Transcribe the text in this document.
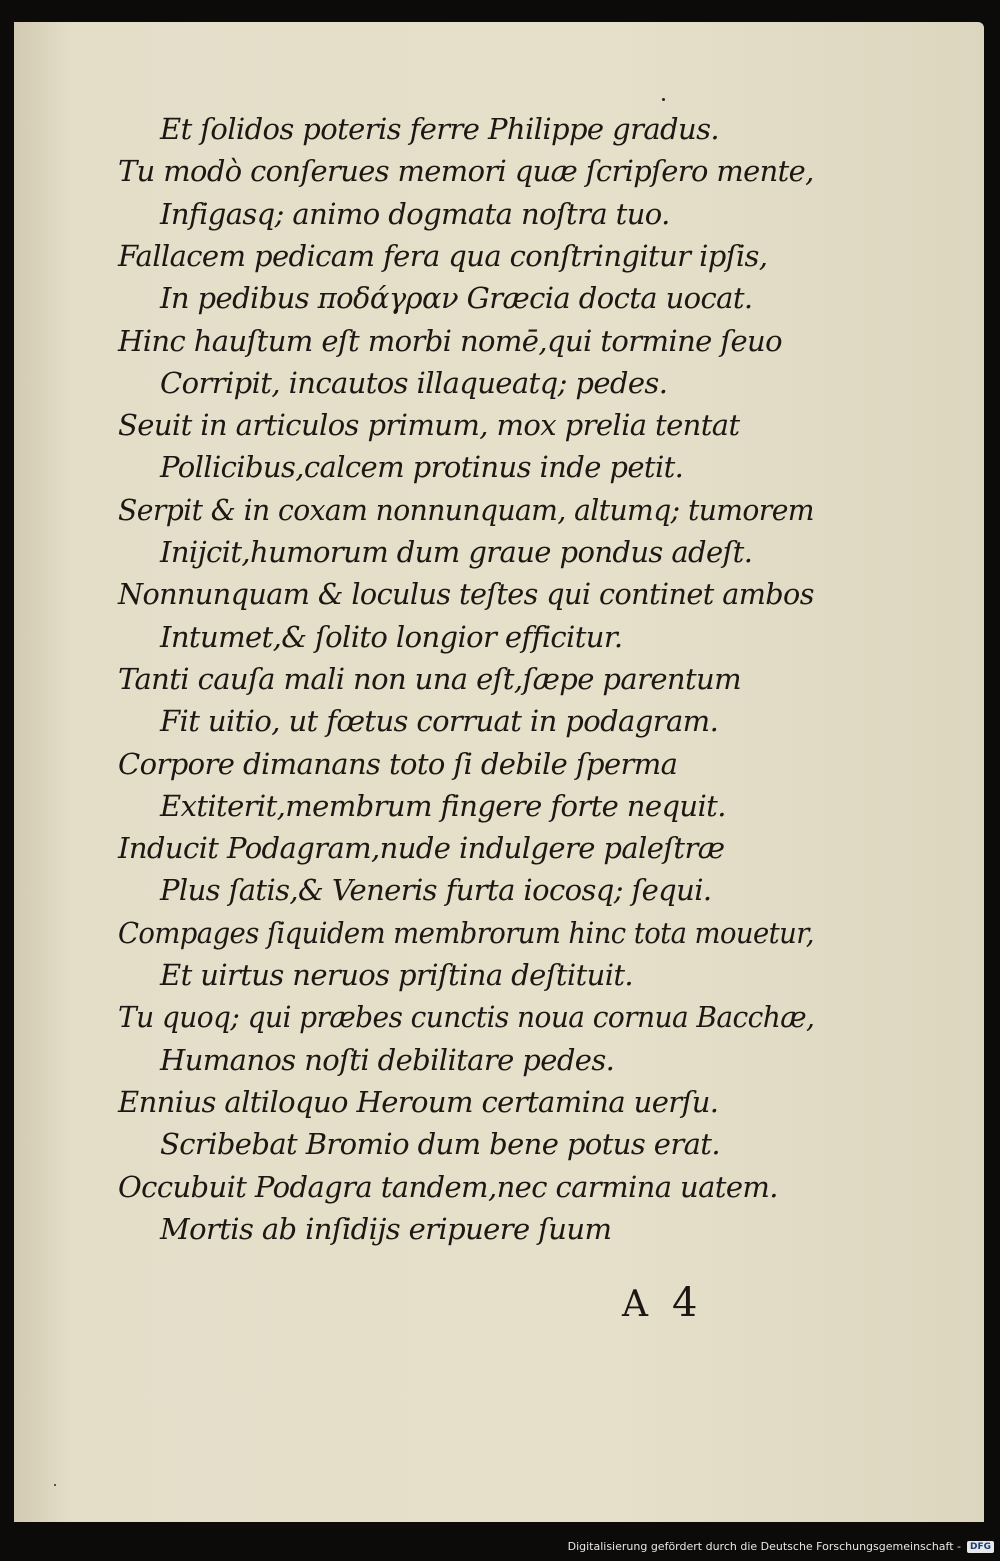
Et ſolidos poteris ferre Philippe gradus.
Tu modò conſerues memori quæ ſcripſero mente,
Infigasq; animo dogmata noſtra tuo.
Fallacem pedicam fera qua conſtringitur ipſis,
In pedibus ποδάγραν Græcia docta uocat.
Hinc hauſtum eſt morbi nomē,qui tormine ſeuo
Corripit, incautos illaqueatq; pedes.
Seuit in articulos primum, mox prelia tentat
Pollicibus,calcem protinus inde petit.
Serpit & in coxam nonnunquam, altumq; tumorem
Inijcit,humorum dum graue pondus adeſt.
Nonnunquam & loculus teſtes qui continet ambos
Intumet,& ſolito longior efficitur.
Tanti cauſa mali non una eſt,ſæpe parentum
Fit uitio, ut fœtus corruat in podagram.
Corpore dimanans toto ſi debile ſperma
Extiterit,membrum fingere forte nequit.
Inducit Podagram,nude indulgere paleſtræ
Plus ſatis,& Veneris furta iocosq; ſequi.
Compages ſiquidem membrorum hinc tota mouetur,
Et uirtus neruos priſtina deſtituit.
Tu quoq; qui præbes cunctis noua cornua Bacchæ,
Humanos noſti debilitare pedes.
Ennius altiloquo Heroum certamina uerſu.
Scribebat Bromio dum bene potus erat.
Occubuit Podagra tandem,nec carmina uatem.
Mortis ab inſidijs eripuere ſuum
A 4
Digitalisierung gefördert durch die Deutsche Forschungsgemeinschaft -	DFG
